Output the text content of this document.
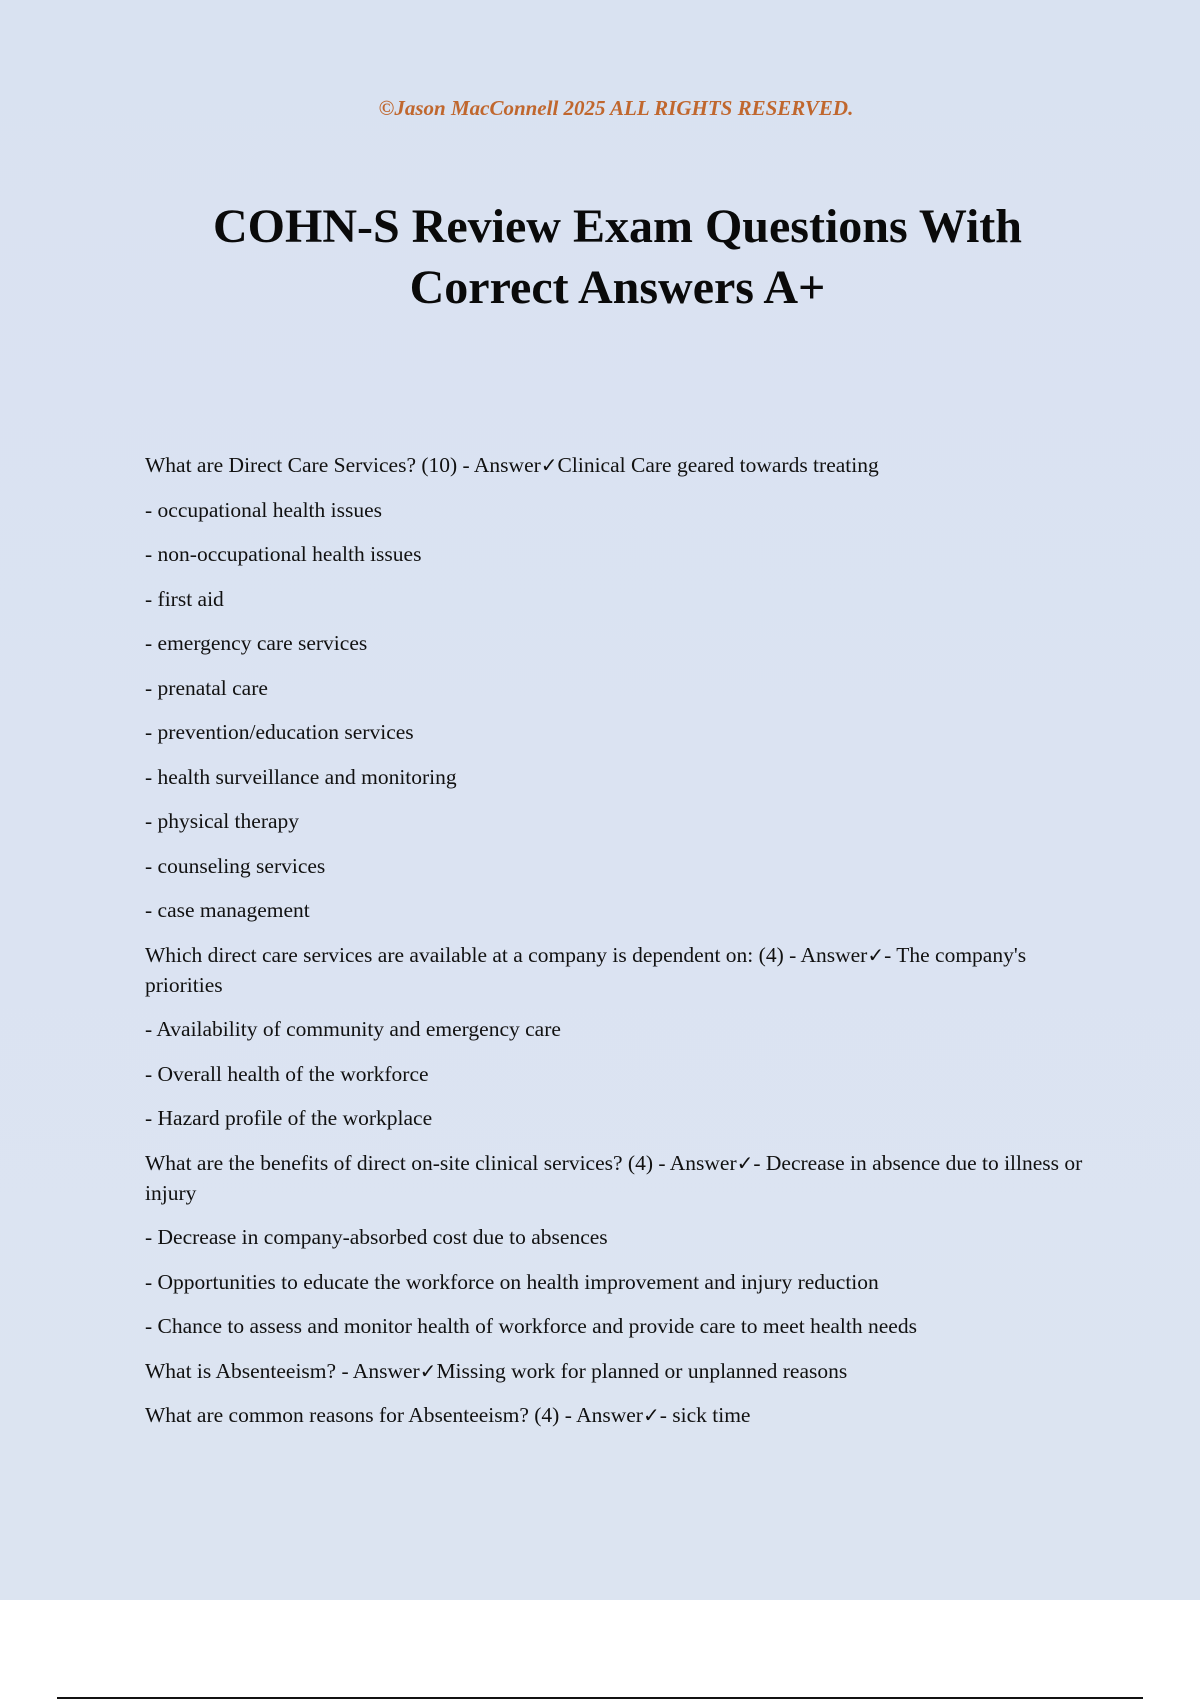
©Jason MacConnell 2025 ALL RIGHTS RESERVED.
COHN-S Review Exam Questions With Correct Answers A+

What are Direct Care Services? (10) - Answer✓Clinical Care geared towards treating

- occupational health issues

- non-occupational health issues

- first aid

- emergency care services

- prenatal care

- prevention/education services

- health surveillance and monitoring

- physical therapy

- counseling services

- case management

Which direct care services are available at a company is dependent on: (4) - Answer✓- The company's priorities

- Availability of community and emergency care

- Overall health of the workforce

- Hazard profile of the workplace

What are the benefits of direct on-site clinical services? (4) - Answer✓- Decrease in absence due to illness or injury

- Decrease in company-absorbed cost due to absences

- Opportunities to educate the workforce on health improvement and injury reduction

- Chance to assess and monitor health of workforce and provide care to meet health needs

What is Absenteeism? - Answer✓Missing work for planned or unplanned reasons

What are common reasons for Absenteeism? (4) - Answer✓- sick time
